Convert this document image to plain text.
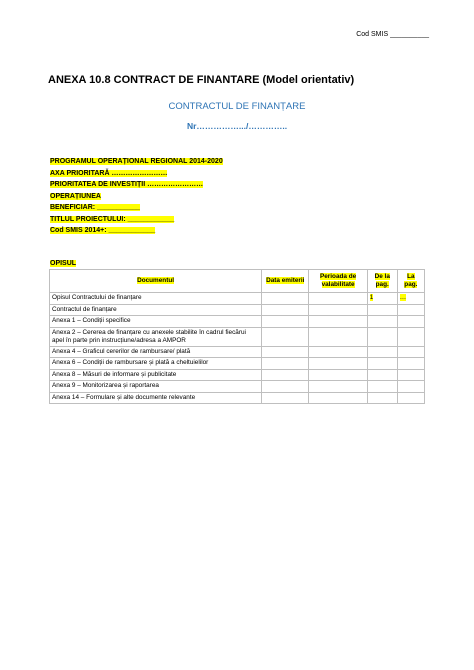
Cod SMIS __________
ANEXA 10.8 CONTRACT DE FINANTARE (Model orientativ)
CONTRACTUL DE FINANȚARE
Nr…………….../…………..
PROGRAMUL OPERAȚIONAL REGIONAL 2014-2020
AXA PRIORITARĂ ……………………
PRIORITATEA DE INVESTIȚII ……………………
OPERAȚIUNEA
BENEFICIAR: ___________
TITLUL PROIECTULUI: ____________
Cod SMIS 2014+: ____________
OPISUL
Documentul	Data emiterii	Perioada de valabilitate	De la pag.	La pag.
Opisul Contractului de finanțare			1	…
Contractul de finanțare				
Anexa 1 – Condiții specifice				
Anexa 2 – Cererea de finanțare cu anexele stabilite în cadrul fiecărui apel în parte prin instrucțiune/adresa a AMPOR				
Anexa 4 – Graficul cererilor de rambursare/ plată				
Anexa 6 – Condiții de rambursare și plată a cheltuielilor				
Anexa 8 – Măsuri de informare și publicitate				
Anexa 9 – Monitorizarea și raportarea				
Anexa 14 – Formulare și alte documente relevante				
